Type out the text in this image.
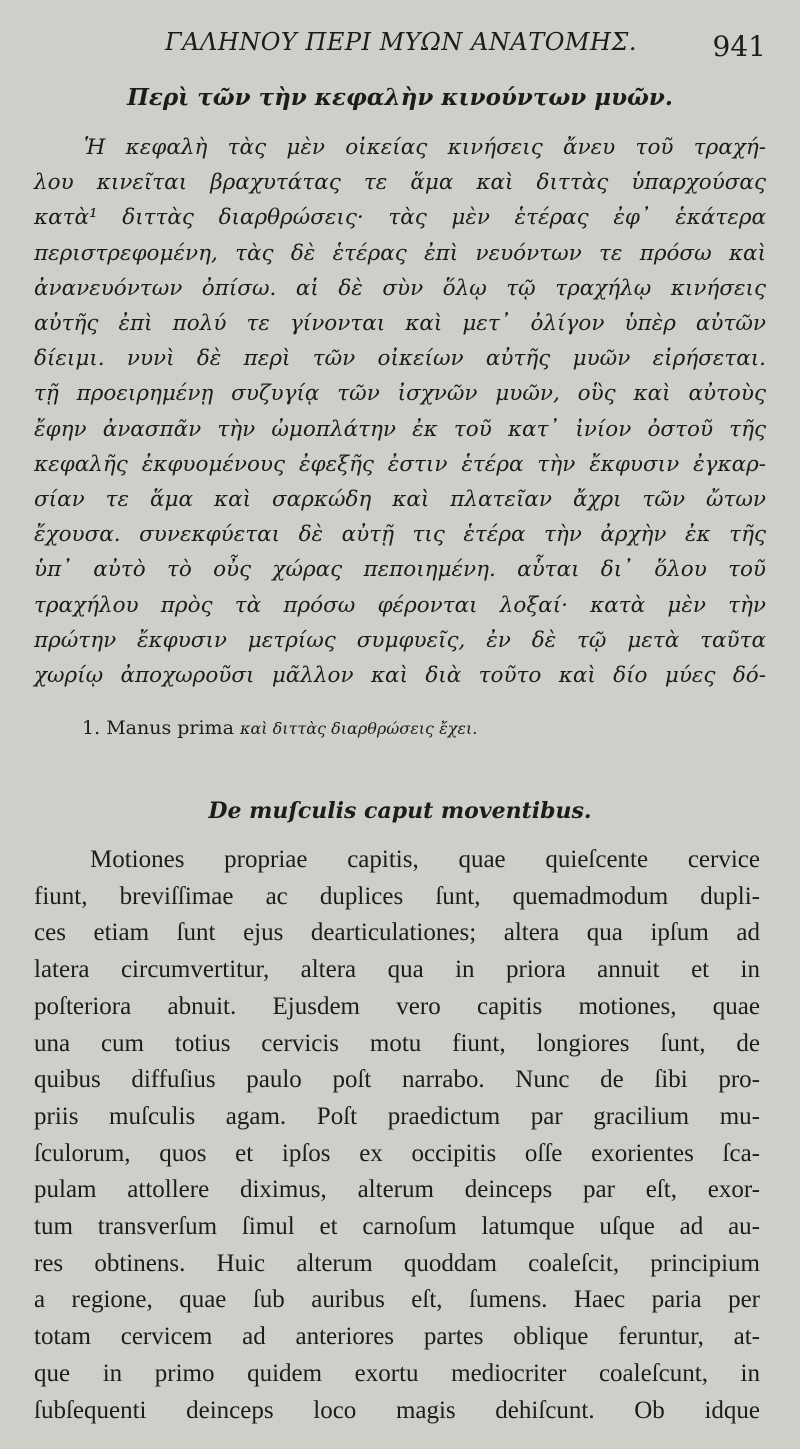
ΓΑΛΗΝΟΥ ΠΕΡΙ ΜΥΩΝ ΑΝΑΤΟΜΗΣ.	941
Περὶ τῶν τὴν κεφαλὴν κινούντων μυῶν.
Ἡ κεφαλὴ τὰς μὲν οἰκείας κινήσεις ἄνευ τοῦ τραχή-
λου κινεῖται βραχυτάτας τε ἅμα καὶ διττὰς ὑπαρχούσας
κατὰ¹ διττὰς διαρθρώσεις· τὰς μὲν ἑτέρας ἐφ᾽ ἑκάτερα
περιστρεφομένη, τὰς δὲ ἑτέρας ἐπὶ νευόντων τε πρόσω καὶ
ἀνανευόντων ὀπίσω. αἱ δὲ σὺν ὅλῳ τῷ τραχήλῳ κινήσεις
αὐτῆς ἐπὶ πολύ τε γίνονται καὶ μετ᾽ ὀλίγον ὑπὲρ αὐτῶν
δίειμι. νυνὶ δὲ περὶ τῶν οἰκείων αὐτῆς μυῶν εἰρήσεται.
τῇ προειρημένῃ συζυγίᾳ τῶν ἰσχνῶν μυῶν, οὓς καὶ αὐτοὺς
ἔφην ἀνασπᾶν τὴν ὠμοπλάτην ἐκ τοῦ κατ᾽ ἰνίον ὀστοῦ τῆς
κεφαλῆς ἐκφυομένους ἐφεξῆς ἐστιν ἑτέρα τὴν ἔκφυσιν ἐγκαρ-
σίαν τε ἅμα καὶ σαρκώδη καὶ πλατεῖαν ἄχρι τῶν ὤτων
ἔχουσα. συνεκφύεται δὲ αὐτῇ τις ἑτέρα τὴν ἀρχὴν ἐκ τῆς
ὑπ᾽ αὐτὸ τὸ οὖς χώρας πεποιημένη. αὗται δι᾽ ὅλου τοῦ
τραχήλου πρὸς τὰ πρόσω φέρονται λοξαί· κατὰ μὲν τὴν
πρώτην ἔκφυσιν μετρίως συμφυεῖς, ἐν δὲ τῷ μετὰ ταῦτα
χωρίῳ ἀποχωροῦσι μᾶλλον καὶ διὰ τοῦτο καὶ δίο μύες δό-
1. Manus prima καὶ διττὰς διαρθρώσεις ἔχει.
De muſculis caput moventibus.
Motiones propriae capitis, quae quieſcente cervice
fiunt, breviſſimae ac duplices ſunt, quemadmodum dupli-
ces etiam ſunt ejus dearticulationes; altera qua ipſum ad
latera circumvertitur, altera qua in priora annuit et in
poſteriora abnuit. Ejusdem vero capitis motiones, quae
una cum totius cervicis motu fiunt, longiores ſunt, de
quibus diffuſius paulo poſt narrabo. Nunc de ſibi pro-
priis muſculis agam. Poſt praedictum par gracilium mu-
ſculorum, quos et ipſos ex occipitis oſſe exorientes ſca-
pulam attollere diximus, alterum deinceps par eſt, exor-
tum transverſum ſimul et carnoſum latumque uſque ad au-
res obtinens. Huic alterum quoddam coaleſcit, principium
a regione, quae ſub auribus eſt, ſumens. Haec paria per
totam cervicem ad anteriores partes oblique feruntur, at-
que in primo quidem exortu mediocriter coaleſcunt, in
ſubſequenti deinceps loco magis dehiſcunt. Ob idque
